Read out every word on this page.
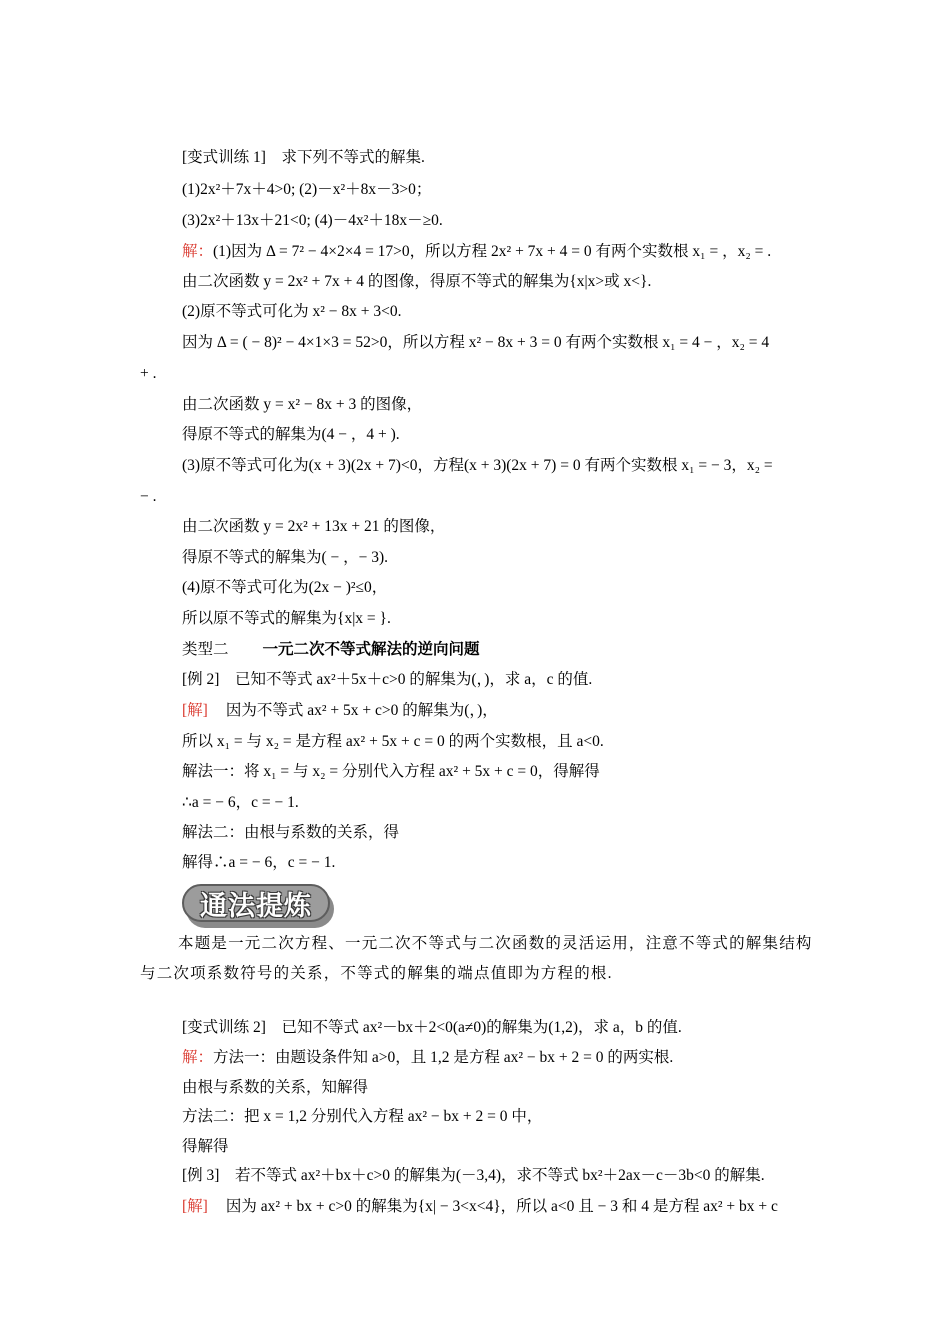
[变式训练 1]　求下列不等式的解集.
(1)2x²＋7x＋4>0; (2)－x²＋8x－3>0；
(3)2x²＋13x＋21<0; (4)－4x²＋18x－≥0.
解：(1)因为 Δ = 7² − 4×2×4 = 17>0，所以方程 2x² + 7x + 4 = 0 有两个实数根 x₁ = ，x₂ = .
由二次函数 y = 2x² + 7x + 4 的图像，得原不等式的解集为{x|x>或 x<}.
(2)原不等式可化为 x² − 8x + 3<0.
因为 Δ = ( − 8)² − 4×1×3 = 52>0，所以方程 x² − 8x + 3 = 0 有两个实数根 x₁ = 4 − ，x₂ = 4
+ .
由二次函数 y = x² − 8x + 3 的图像，
得原不等式的解集为(4 − ，4 + ).
(3)原不等式可化为(x + 3)(2x + 7)<0，方程(x + 3)(2x + 7) = 0 有两个实数根 x₁ = − 3，x₂ =
− .
由二次函数 y = 2x² + 13x + 21 的图像，
得原不等式的解集为( − ，− 3).
(4)原不等式可化为(2x − )²≤0，
所以原不等式的解集为{x|x = }.
类型二 一元二次不等式解法的逆向问题
[例 2]　已知不等式 ax²＋5x＋c>0 的解集为(，)，求 a，c 的值.
[解] 因为不等式 ax² + 5x + c>0 的解集为(，)，
所以 x₁ = 与 x₂ = 是方程 ax² + 5x + c = 0 的两个实数根，且 a<0.
解法一：将 x₁ = 与 x₂ = 分别代入方程 ax² + 5x + c = 0，得解得
∴a = − 6，c = − 1.
解法二：由根与系数的关系，得
解得∴a = − 6，c = − 1.
通法提炼
本题是一元二次方程、一元二次不等式与二次函数的灵活运用，注意不等式的解集结构与二次项系数符号的关系，不等式的解集的端点值即为方程的根.
[变式训练 2]　已知不等式 ax²－bx＋2<0(a≠0)的解集为(1,2)，求 a，b 的值.
解：方法一：由题设条件知 a>0，且 1,2 是方程 ax² − bx + 2 = 0 的两实根.
由根与系数的关系，知解得
方法二：把 x = 1,2 分别代入方程 ax² − bx + 2 = 0 中，
得解得
[例 3]　若不等式 ax²＋bx＋c>0 的解集为(－3,4)，求不等式 bx²＋2ax－c－3b<0 的解集.
[解] 因为 ax² + bx + c>0 的解集为{x| − 3<x<4}，所以 a<0 且 − 3 和 4 是方程 ax² + bx + c
